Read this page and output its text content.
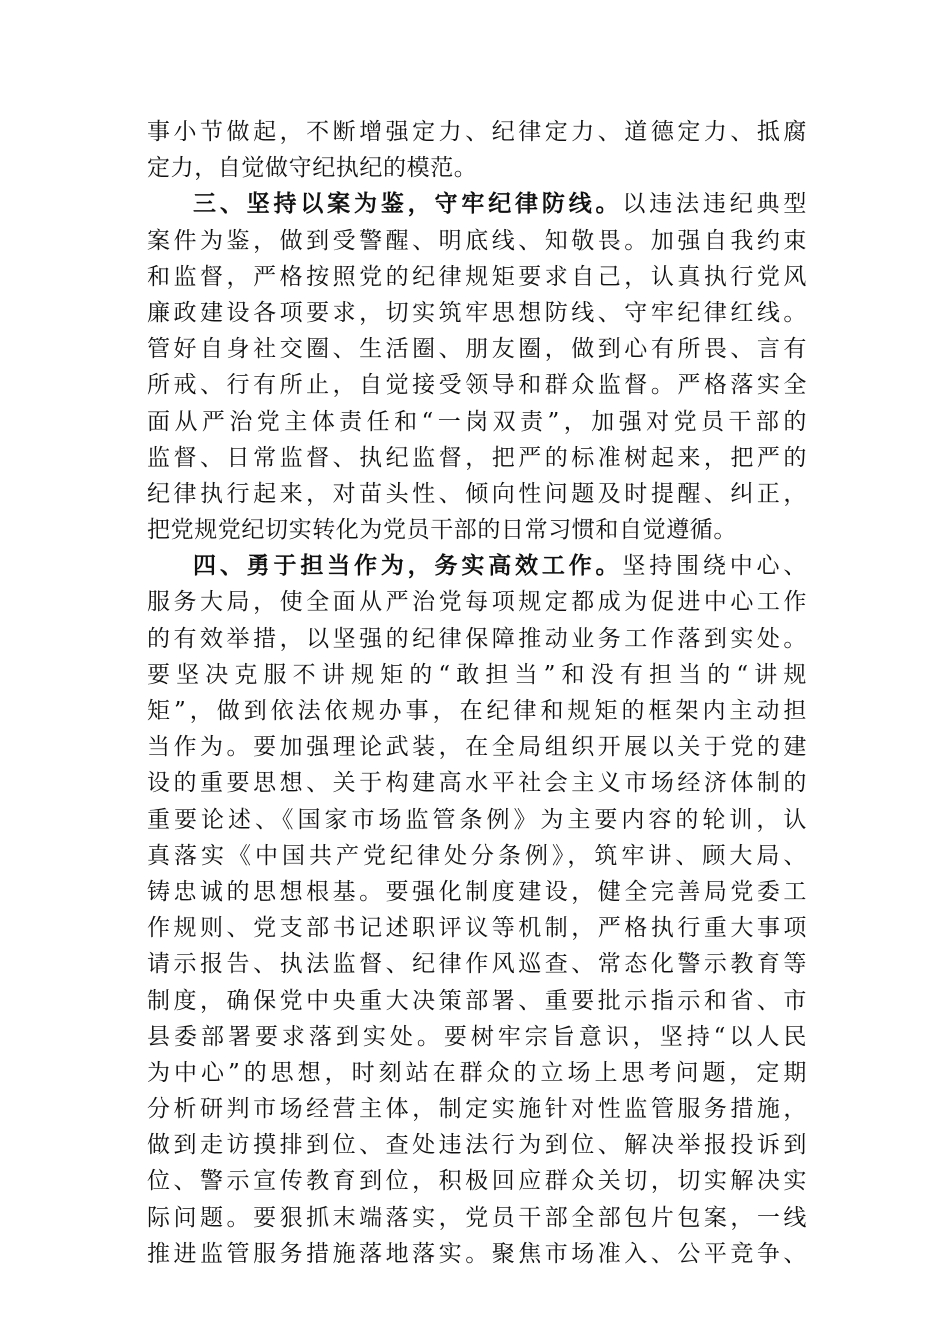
事小节做起，不断增强定力、纪律定力、道德定力、抵腐
定力，自觉做守纪执纪的模范。
三、坚持以案为鉴，守牢纪律防线。以违法违纪典型
案件为鉴，做到受警醒、明底线、知敬畏。加强自我约束
和监督，严格按照党的纪律规矩要求自己，认真执行党风
廉政建设各项要求，切实筑牢思想防线、守牢纪律红线。
管好自身社交圈、生活圈、朋友圈，做到心有所畏、言有
所戒、行有所止，自觉接受领导和群众监督。严格落实全
面从严治党主体责任和“一岗双责”，加强对党员干部的
监督、日常监督、执纪监督，把严的标准树起来，把严的
纪律执行起来，对苗头性、倾向性问题及时提醒、纠正，
把党规党纪切实转化为党员干部的日常习惯和自觉遵循。
四、勇于担当作为，务实高效工作。坚持围绕中心、
服务大局，使全面从严治党每项规定都成为促进中心工作
的有效举措，以坚强的纪律保障推动业务工作落到实处。
要坚决克服不讲规矩的“敢担当”和没有担当的“讲规
矩”，做到依法依规办事，在纪律和规矩的框架内主动担
当作为。要加强理论武装，在全局组织开展以关于党的建
设的重要思想、关于构建高水平社会主义市场经济体制的
重要论述、《国家市场监管条例》为主要内容的轮训，认
真落实《中国共产党纪律处分条例》，筑牢讲、顾大局、
铸忠诚的思想根基。要强化制度建设，健全完善局党委工
作规则、党支部书记述职评议等机制，严格执行重大事项
请示报告、执法监督、纪律作风巡查、常态化警示教育等
制度，确保党中央重大决策部署、重要批示指示和省、市
县委部署要求落到实处。要树牢宗旨意识，坚持“以人民
为中心”的思想，时刻站在群众的立场上思考问题，定期
分析研判市场经营主体，制定实施针对性监管服务措施，
做到走访摸排到位、查处违法行为到位、解决举报投诉到
位、警示宣传教育到位，积极回应群众关切，切实解决实
际问题。要狠抓末端落实，党员干部全部包片包案，一线
推进监管服务措施落地落实。聚焦市场准入、公平竞争、
